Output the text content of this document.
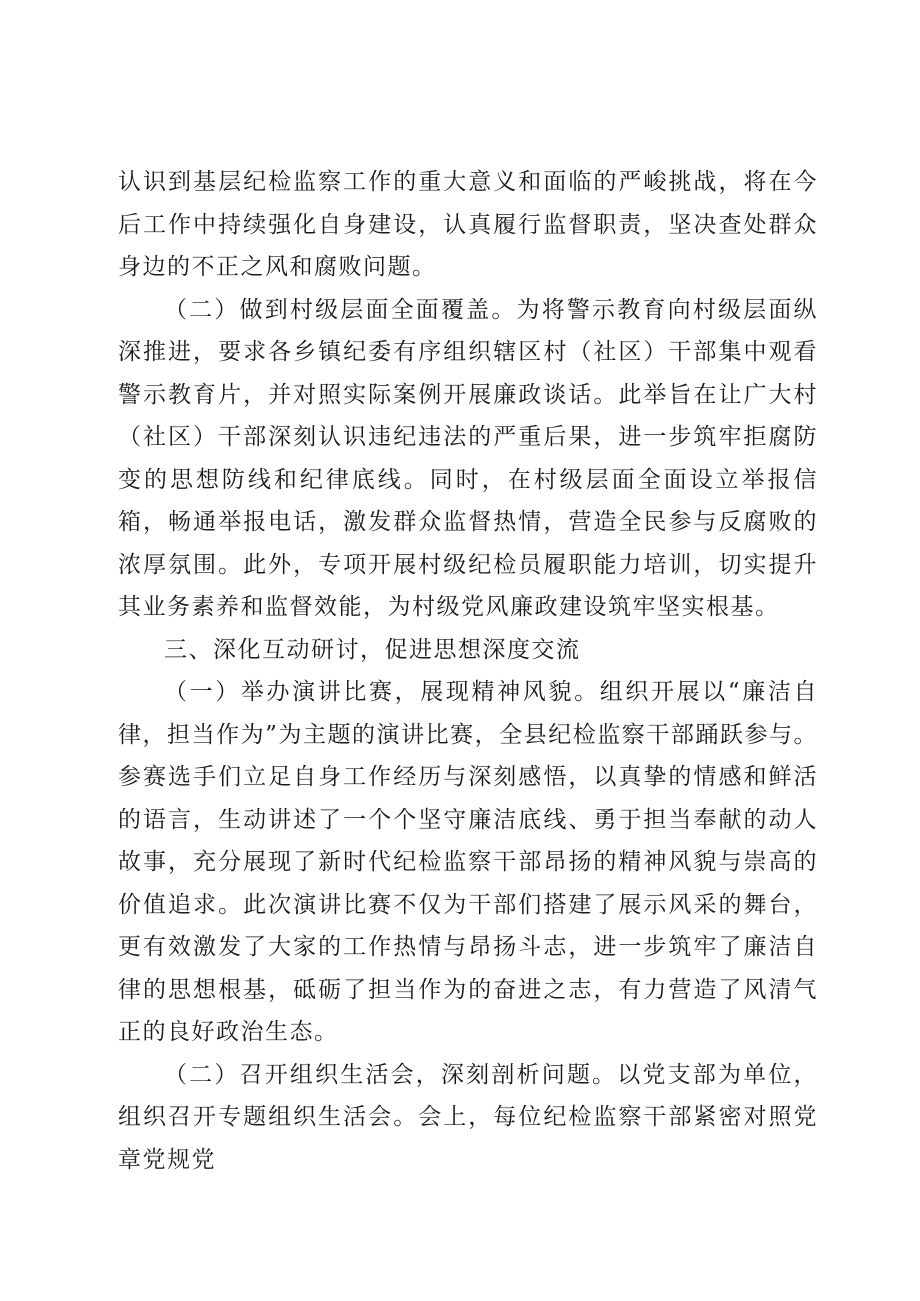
认识到基层纪检监察工作的重大意义和面临的严峻挑战，将在今后工作中持续强化自身建设，认真履行监督职责，坚决查处群众身边的不正之风和腐败问题。

（二）做到村级层面全面覆盖。为将警示教育向村级层面纵深推进，要求各乡镇纪委有序组织辖区村（社区）干部集中观看警示教育片，并对照实际案例开展廉政谈话。此举旨在让广大村（社区）干部深刻认识违纪违法的严重后果，进一步筑牢拒腐防变的思想防线和纪律底线。同时，在村级层面全面设立举报信箱，畅通举报电话，激发群众监督热情，营造全民参与反腐败的浓厚氛围。此外，专项开展村级纪检员履职能力培训，切实提升其业务素养和监督效能，为村级党风廉政建设筑牢坚实根基。

三、深化互动研讨，促进思想深度交流

（一）举办演讲比赛，展现精神风貌。组织开展以“廉洁自律，担当作为”为主题的演讲比赛，全县纪检监察干部踊跃参与。参赛选手们立足自身工作经历与深刻感悟，以真挚的情感和鲜活的语言，生动讲述了一个个坚守廉洁底线、勇于担当奉献的动人故事，充分展现了新时代纪检监察干部昂扬的精神风貌与崇高的价值追求。此次演讲比赛不仅为干部们搭建了展示风采的舞台，更有效激发了大家的工作热情与昂扬斗志，进一步筑牢了廉洁自律的思想根基，砥砺了担当作为的奋进之志，有力营造了风清气正的良好政治生态。

（二）召开组织生活会，深刻剖析问题。以党支部为单位，组织召开专题组织生活会。会上，每位纪检监察干部紧密对照党章党规党
